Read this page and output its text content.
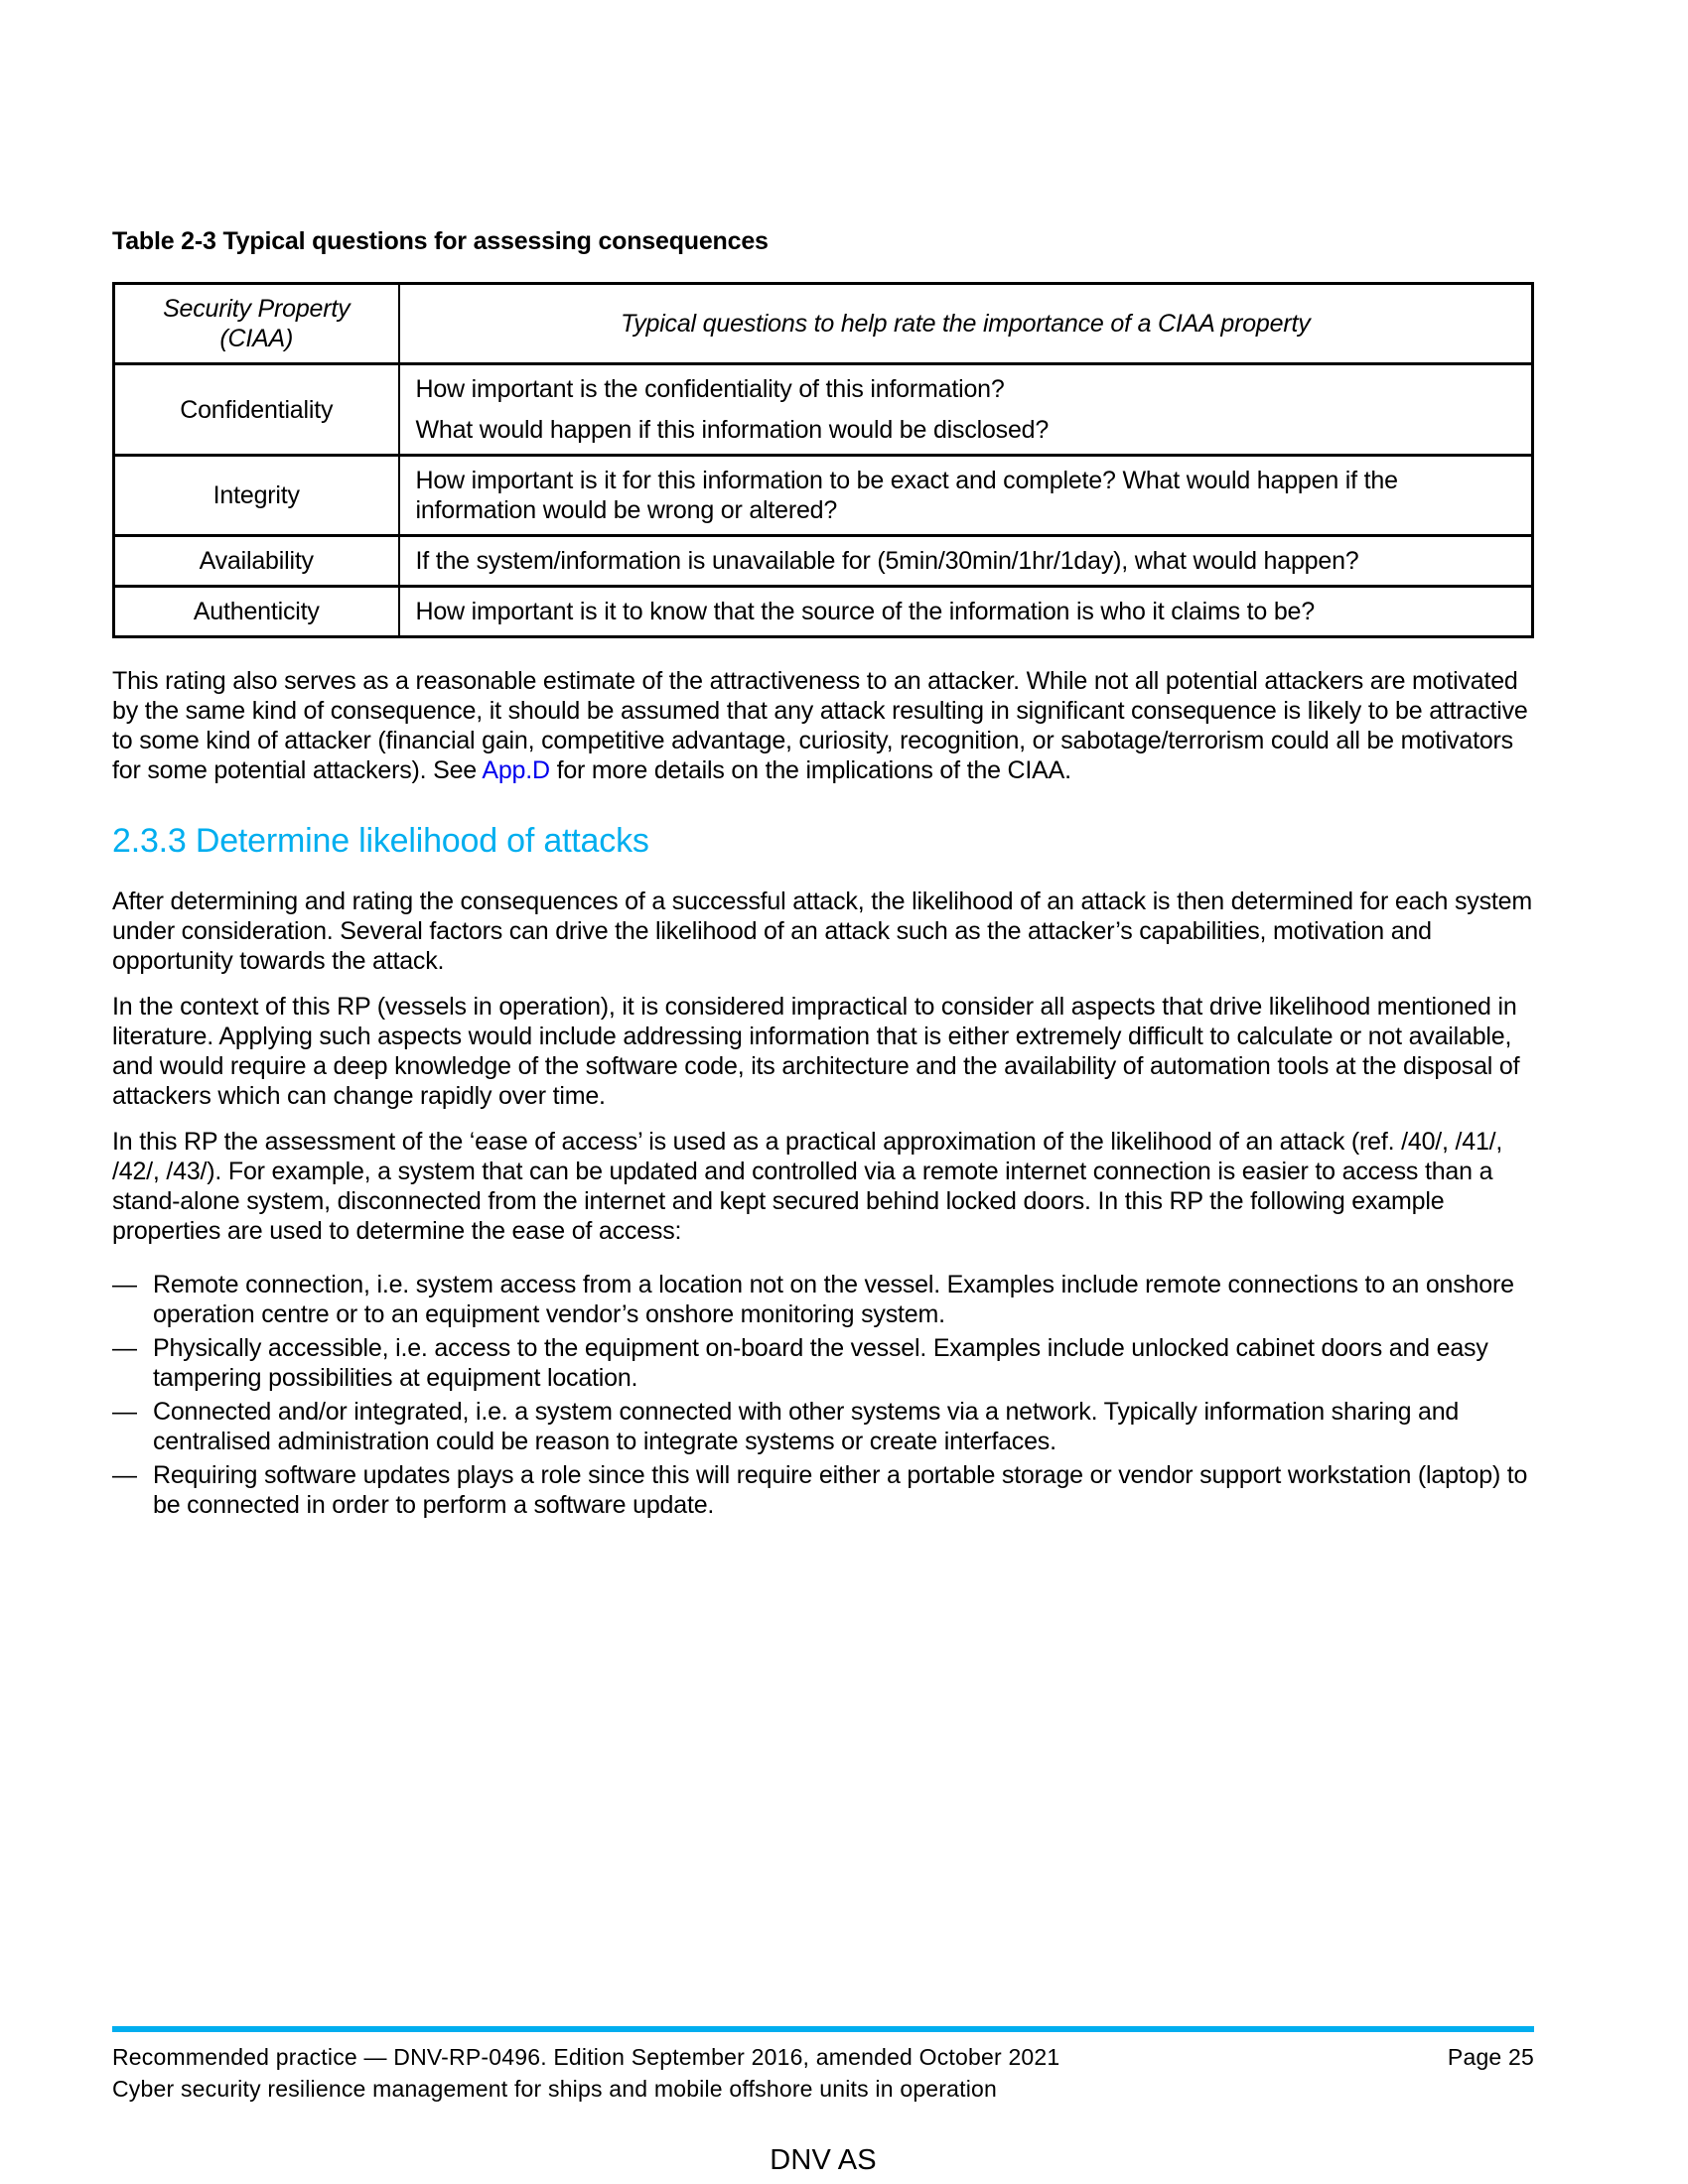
Table 2-3 Typical questions for assessing consequences
Security Property
(CIAA)	Typical questions to help rate the importance of a CIAA property
Confidentiality	How important is the confidentiality of this information?

What would happen if this information would be disclosed?

Integrity	How important is it for this information to be exact and complete? What would happen if the information would be wrong or altered?

Availability	If the system/information is unavailable for (5min/30min/1hr/1day), what would happen?

Authenticity	How important is it to know that the source of the information is who it claims to be?

This rating also serves as a reasonable estimate of the attractiveness to an attacker. While not all potential attackers are motivated by the same kind of consequence, it should be assumed that any attack resulting in significant consequence is likely to be attractive to some kind of attacker (financial gain, competitive advantage, curiosity, recognition, or sabotage/terrorism could all be motivators for some potential attackers). See App.D for more details on the implications of the CIAA.

2.3.3 Determine likelihood of attacks

After determining and rating the consequences of a successful attack, the likelihood of an attack is then determined for each system under consideration. Several factors can drive the likelihood of an attack such as the attacker’s capabilities, motivation and opportunity towards the attack.

In the context of this RP (vessels in operation), it is considered impractical to consider all aspects that drive likelihood mentioned in literature. Applying such aspects would include addressing information that is either extremely difficult to calculate or not available, and would require a deep knowledge of the software code, its architecture and the availability of automation tools at the disposal of attackers which can change rapidly over time.

In this RP the assessment of the ‘ease of access’ is used as a practical approximation of the likelihood of an attack (ref. /40/, /41/, /42/, /43/). For example, a system that can be updated and controlled via a remote internet connection is easier to access than a stand-alone system, disconnected from the internet and kept secured behind locked doors. In this RP the following example properties are used to determine the ease of access:

— Remote connection, i.e. system access from a location not on the vessel. Examples include remote connections to an onshore operation centre or to an equipment vendor’s onshore monitoring system.
— Physically accessible, i.e. access to the equipment on-board the vessel. Examples include unlocked cabinet doors and easy tampering possibilities at equipment location.
— Connected and/or integrated, i.e. a system connected with other systems via a network. Typically information sharing and centralised administration could be reason to integrate systems or create interfaces.
— Requiring software updates plays a role since this will require either a portable storage or vendor support workstation (laptop) to be connected in order to perform a software update.
Recommended practice — DNV-RP-0496. Edition September 2016, amended October 2021	Page 25
Cyber security resilience management for ships and mobile offshore units in operation
DNV AS
